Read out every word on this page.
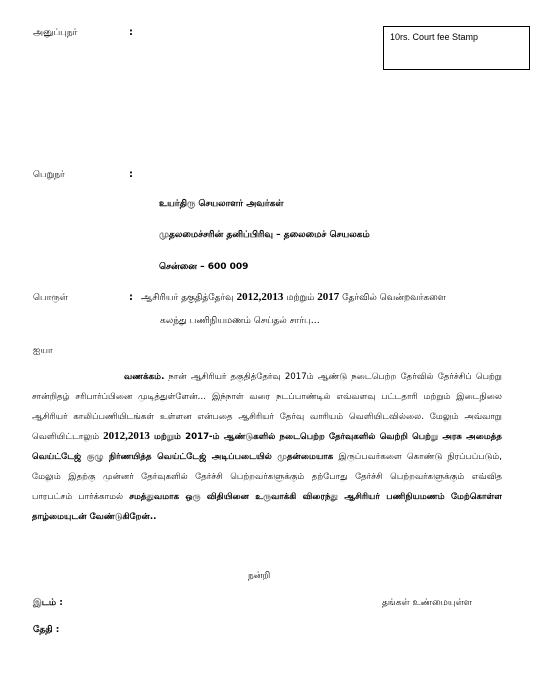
அனுப்புநர்	:	10rs. Court fee Stamp
பெறுநர்	:
உயர்திரு செயலாளர் அவர்கள்
முதலமைச்சரின் தனிப்பிரிவு – தலைமைச் செயலகம்
சென்னை – 600 009
பொருள்	: ஆசிரியர் தகுதித்தேர்வு 2012,2013 மற்றும் 2017 தேர்வில் வென்றவர்களை
கலந்து பணிநியமணம் செய்தல் சார்பு…
ஐயா
வணக்கம். நான் ஆசிரியர் தகுதித்தேர்வு 2017ம் ஆண்டு நடைபெற்ற தேர்வில் தேர்ச்சிப் பெற்று சான்றிதழ் சரிபார்ப்பினை முடித்துள்ளேன்… இந்நாள் வரை நடப்பாண்டில் எவ்வளவு பட்டதாரி மற்றும் இடைநிலை ஆசிரியர் காலிப்பணியிடங்கள் உள்ளன என்பதை ஆசிரியர் தேர்வு வாரியம் வெளியிடவில்லை. மேலும் அவ்வாறு வெளியிட்டாலும் 2012,2013 மற்றும் 2017-ம் ஆண்டுகளில் நடைபெற்ற தேர்வுகளில் வெற்றி பெற்று அரசு அமைத்த வெய்ட்டேஜ் குழு நிர்ணயித்த வெய்ட்டேஜ் அடிப்படையில் முதன்மையாக இருப்பவர்களை கொண்டு நிரப்பப்படும், மேலும் இதற்கு முன்னர் தேர்வுகளில் தேர்ச்சி பெற்றவர்களுக்கும் தற்போது தேர்ச்சி பெற்றவர்களுக்கும் எவ்வித பாரபட்சம் பார்க்காமல் சமத்துவமாக ஒரு விதியினை உருவாக்கி விரைந்து ஆசிரியர் பணிநியமணம் மேற்கொள்ள தாழ்மையுடன் வேண்டுகிறேன்..
நன்றி
இடம் :	தங்கள் உண்மையுள்ள
தேதி :
